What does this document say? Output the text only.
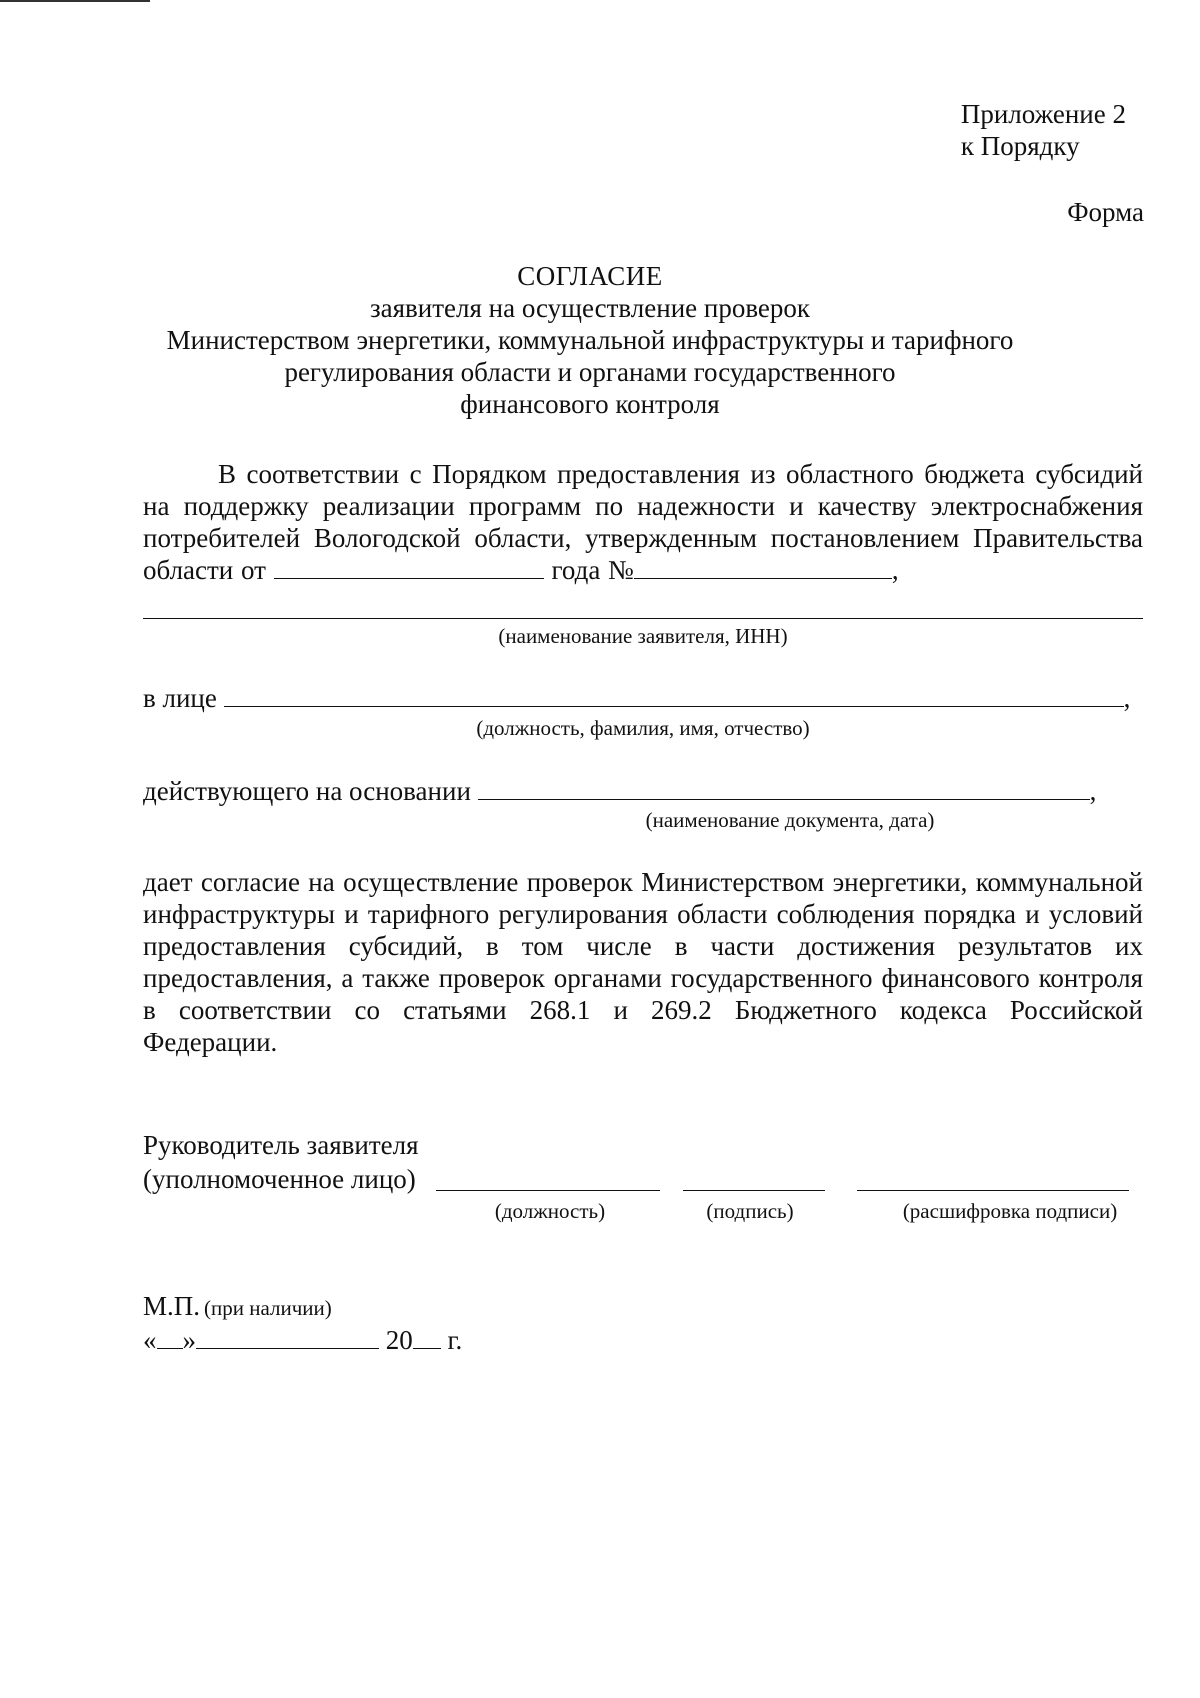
Приложение 2
к Порядку
Форма
СОГЛАСИЕ
заявителя на осуществление проверок
Министерством энергетики, коммунальной инфраструктуры и тарифного
регулирования области и органами государственного
финансового контроля
В соответствии с Порядком предоставления из областного бюджета субсидий на поддержку реализации программ по надежности и качеству электроснабжения потребителей Вологодской области, утвержденным постановлением Правительства области от	года №	,
(наименование заявителя, ИНН)
в лице	,
(должность, фамилия, имя, отчество)
действующего на основании	,
(наименование документа, дата)
дает согласие на осуществление проверок Министерством энергетики, коммунальной инфраструктуры и тарифного регулирования области соблюдения порядка и условий предоставления субсидий, в том числе в части достижения результатов их предоставления, а также проверок органами государственного финансового контроля в соответствии со статьями 268.1 и 269.2 Бюджетного кодекса Российской Федерации.
Руководитель заявителя
(уполномоченное лицо)
(должность)	(подпись)	(расшифровка подписи)
М.П. (при наличии)
« »	20 г.
